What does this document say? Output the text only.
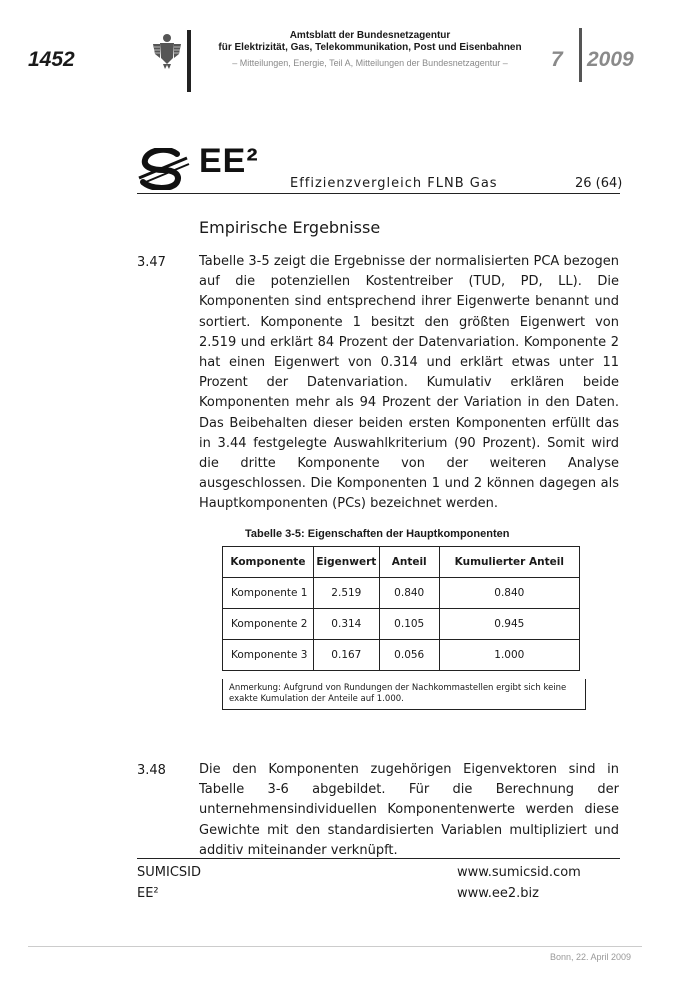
1452
Amtsblatt der Bundesnetzagentur
für Elektrizität, Gas, Telekommunikation, Post und Eisenbahnen
– Mitteilungen, Energie, Teil A, Mitteilungen der Bundesnetzagentur –	7 2009
EE²
Effizienzvergleich FLNB Gas	26 (64)
Empirische Ergebnisse
3.47	Tabelle 3-5 zeigt die Ergebnisse der normalisierten PCA bezogen auf die potenziellen Kostentreiber (TUD, PD, LL). Die Komponenten sind entsprechend ihrer Eigenwerte benannt und sortiert. Komponente 1 besitzt den größten Eigenwert von 2.519 und erklärt 84 Prozent der Datenvariation. Komponente 2 hat einen Eigenwert von 0.314 und erklärt etwas unter 11 Prozent der Datenvariation. Kumulativ erklären beide Komponenten mehr als 94 Prozent der Variation in den Daten. Das Beibehalten dieser beiden ersten Komponenten erfüllt das in 3.44 festgelegte Auswahlkriterium (90 Prozent). Somit wird die dritte Komponente von der weiteren Analyse ausgeschlossen. Die Komponenten 1 und 2 können dagegen als Hauptkomponenten (PCs) bezeichnet werden.
Tabelle 3-5: Eigenschaften der Hauptkomponenten
Komponente	Eigenwert	Anteil	Kumulierter Anteil
Komponente 1	2.519	0.840	0.840
Komponente 2	0.314	0.105	0.945
Komponente 3	0.167	0.056	1.000
Anmerkung: Aufgrund von Rundungen der Nachkommastellen ergibt sich keine
exakte Kumulation der Anteile auf 1.000.
3.48	Die den Komponenten zugehörigen Eigenvektoren sind in Tabelle 3-6 abgebildet. Für die Berechnung der unternehmensindividuellen Komponentenwerte werden diese Gewichte mit den standardisierten Variablen multipliziert und additiv miteinander verknüpft.
SUMICSID
EE²
www.sumicsid.com
www.ee2.biz
Bonn, 22. April 2009
